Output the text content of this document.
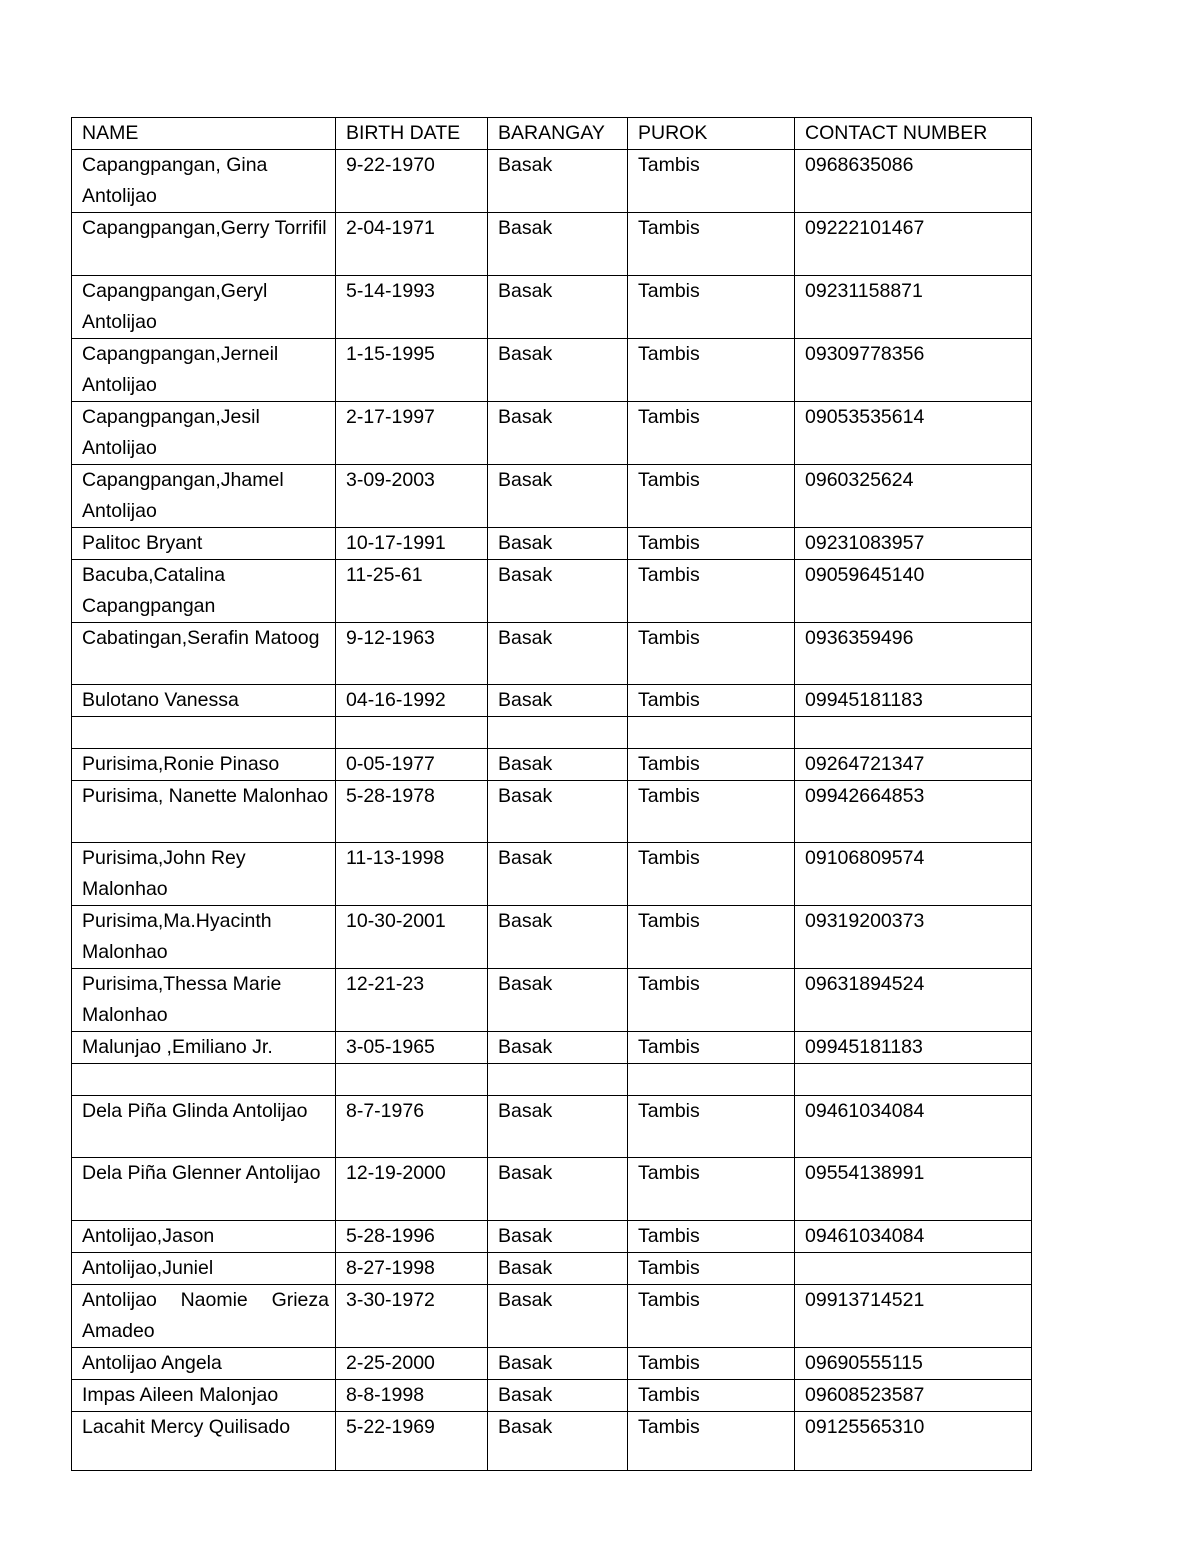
NAME	BIRTH DATE	BARANGAY	PUROK	CONTACT NUMBER
Capangpangan, Gina Antolijao	9-22-1970	Basak	Tambis	0968635086
Capangpangan,Gerry Torrifil	2-04-1971	Basak	Tambis	09222101467
Capangpangan,Geryl Antolijao	5-14-1993	Basak	Tambis	09231158871
Capangpangan,Jerneil Antolijao	1-15-1995	Basak	Tambis	09309778356
Capangpangan,Jesil Antolijao	2-17-1997	Basak	Tambis	09053535614
Capangpangan,Jhamel Antolijao	3-09-2003	Basak	Tambis	0960325624
Palitoc Bryant	10-17-1991	Basak	Tambis	09231083957
Bacuba,Catalina Capangpangan	11-25-61	Basak	Tambis	09059645140
Cabatingan,Serafin Matoog	9-12-1963	Basak	Tambis	0936359496
Bulotano Vanessa	04-16-1992	Basak	Tambis	09945181183

Purisima,Ronie Pinaso	0-05-1977	Basak	Tambis	09264721347
Purisima, Nanette Malonhao	5-28-1978	Basak	Tambis	09942664853
Purisima,John Rey Malonhao	11-13-1998	Basak	Tambis	09106809574
Purisima,Ma.Hyacinth Malonhao	10-30-2001	Basak	Tambis	09319200373
Purisima,Thessa Marie Malonhao	12-21-23	Basak	Tambis	09631894524
Malunjao ,Emiliano Jr.	3-05-1965	Basak	Tambis	09945181183

Dela Piña Glinda Antolijao	8-7-1976	Basak	Tambis	09461034084
Dela Piña Glenner Antolijao	12-19-2000	Basak	Tambis	09554138991
Antolijao,Jason	5-28-1996	Basak	Tambis	09461034084
Antolijao,Juniel	8-27-1998	Basak	Tambis	
Antolijao Naomie Grieza Amadeo	3-30-1972	Basak	Tambis	09913714521
Antolijao Angela	2-25-2000	Basak	Tambis	09690555115
Impas Aileen Malonjao	8-8-1998	Basak	Tambis	09608523587
Lacahit Mercy Quilisado	5-22-1969	Basak	Tambis	09125565310
